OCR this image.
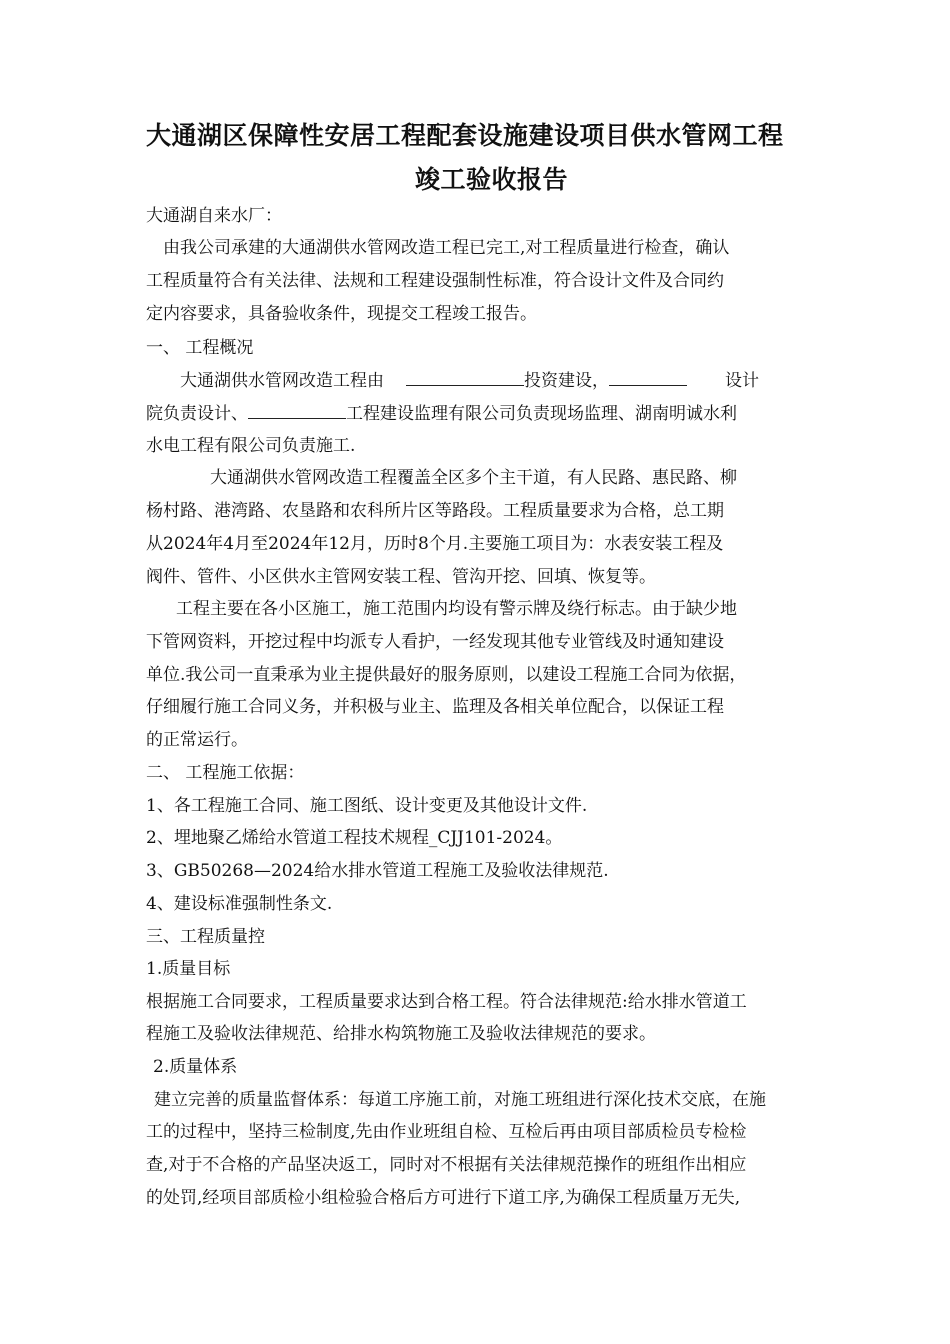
大通湖区保障性安居工程配套设施建设项目供水管网工程
竣工验收报告
大通湖自来水厂：
由我公司承建的大通湖供水管网改造工程已完工,对工程质量进行检查，确认
工程质量符合有关法律、法规和工程建设强制性标准，符合设计文件及合同约
定内容要求，具备验收条件，现提交工程竣工报告。
一、 工程概况
大通湖供水管网改造工程由	投资建设，	设计
院负责设计、	工程建设监理有限公司负责现场监理、湖南明诚水利
水电工程有限公司负责施工.
大通湖供水管网改造工程覆盖全区多个主干道，有人民路、惠民路、柳
杨村路、港湾路、农垦路和农科所片区等路段。工程质量要求为合格，总工期
从2024年4月至2024年12月，历时8个月.主要施工项目为：水表安装工程及
阀件、管件、小区供水主管网安装工程、管沟开挖、回填、恢复等。
工程主要在各小区施工，施工范围内均设有警示牌及绕行标志。由于缺少地
下管网资料，开挖过程中均派专人看护，一经发现其他专业管线及时通知建设
单位.我公司一直秉承为业主提供最好的服务原则，以建设工程施工合同为依据，
仔细履行施工合同义务，并积极与业主、监理及各相关单位配合，以保证工程
的正常运行。
二、 工程施工依据：
1、各工程施工合同、施工图纸、设计变更及其他设计文件.
2、埋地聚乙烯给水管道工程技术规程_CJJ101-2024。
3、GB50268—2024给水排水管道工程施工及验收法律规范.
4、建设标准强制性条文.
三、工程质量控
1.质量目标
根据施工合同要求，工程质量要求达到合格工程。符合法律规范:给水排水管道工
程施工及验收法律规范、给排水构筑物施工及验收法律规范的要求。
2.质量体系
建立完善的质量监督体系：每道工序施工前，对施工班组进行深化技术交底，在施
工的过程中，坚持三检制度,先由作业班组自检、互检后再由项目部质检员专检检
查,对于不合格的产品坚决返工，同时对不根据有关法律规范操作的班组作出相应
的处罚,经项目部质检小组检验合格后方可进行下道工序,为确保工程质量万无失,
